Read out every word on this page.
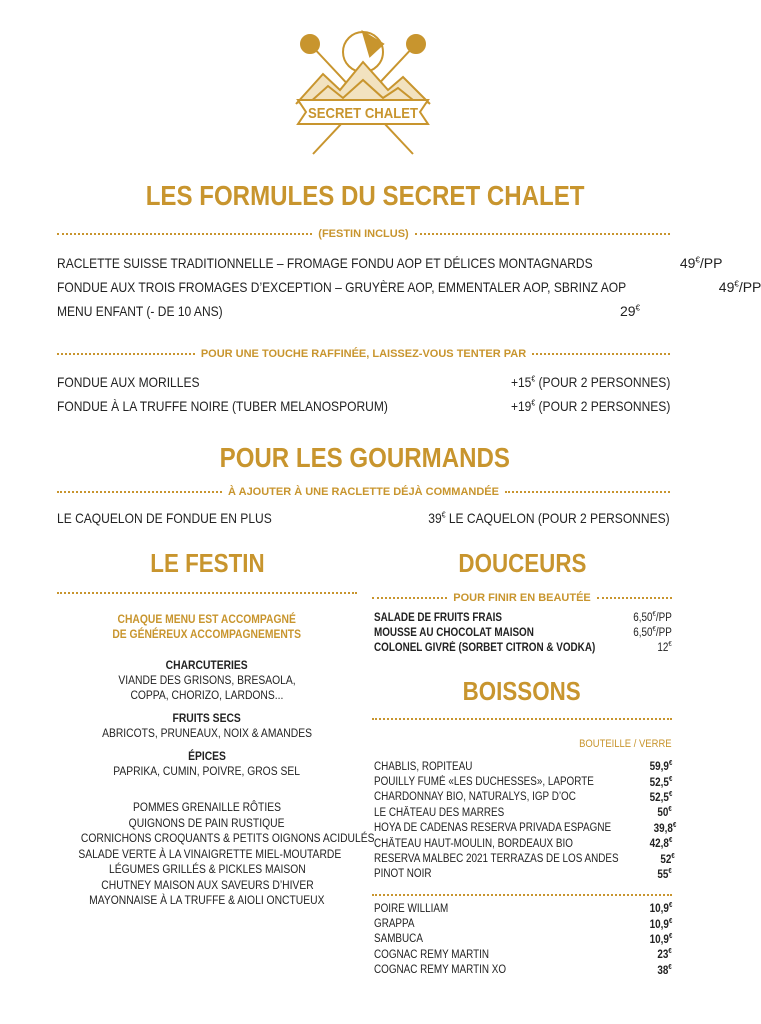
SECRET CHALET
LES FORMULES DU SECRET CHALET
(FESTIN INCLUS)
RACLETTE SUISSE TRADITIONNELLE – FROMAGE FONDU AOP ET DÉLICES MONTAGNARDS	49€/PP
FONDUE AUX TROIS FROMAGES D’EXCEPTION – GRUYÈRE AOP, EMMENTALER AOP, SBRINZ AOP	49€/PP
MENU ENFANT (- DE 10 ANS)	29€
POUR UNE TOUCHE RAFFINÉE, LAISSEZ-VOUS TENTER PAR
FONDUE AUX MORILLES	+15€ (POUR 2 PERSONNES)
FONDUE À LA TRUFFE NOIRE (TUBER MELANOSPORUM)	+19€ (POUR 2 PERSONNES)
POUR LES GOURMANDS
À AJOUTER À UNE RACLETTE DÉJÀ COMMANDÉE
LE CAQUELON DE FONDUE EN PLUS	39€ LE CAQUELON (POUR 2 PERSONNES)
LE FESTIN
CHAQUE MENU EST ACCOMPAGNÉ
DE GÉNÉREUX ACCOMPAGNEMENTS
CHARCUTERIES
VIANDE DES GRISONS, BRESAOLA,
COPPA, CHORIZO, LARDONS...
FRUITS SECS
ABRICOTS, PRUNEAUX, NOIX & AMANDES
ÉPICES
PAPRIKA, CUMIN, POIVRE, GROS SEL
POMMES GRENAILLE RÔTIES
QUIGNONS DE PAIN RUSTIQUE
CORNICHONS CROQUANTS & PETITS OIGNONS ACIDULÉS
SALADE VERTE À LA VINAIGRETTE MIEL-MOUTARDE
LÉGUMES GRILLÉS & PICKLES MAISON
CHUTNEY MAISON AUX SAVEURS D’HIVER
MAYONNAISE À LA TRUFFE & AIOLI ONCTUEUX
DOUCEURS
POUR FINIR EN BEAUTÉE
SALADE DE FRUITS FRAIS	6,50€/PP
MOUSSE AU CHOCOLAT MAISON	6,50€/PP
COLONEL GIVRÉ (SORBET CITRON & VODKA)	12€
BOISSONS
BOUTEILLE / VERRE
CHABLIS, ROPITEAU	59,9€
POUILLY FUMÉ «LES DUCHESSES», LAPORTE	52,5€
CHARDONNAY BIO, NATURALYS, IGP D’OC	52,5€
LE CHÂTEAU DES MARRES	50€
HOYA DE CADENAS RESERVA PRIVADA ESPAGNE	39,8€
CHÂTEAU HAUT-MOULIN, BORDEAUX BIO	42,8€
RESERVA MALBEC 2021 TERRAZAS DE LOS ANDES	52€
PINOT NOIR	55€
POIRE WILLIAM	10,9€
GRAPPA	10,9€
SAMBUCA	10,9€
COGNAC REMY MARTIN	23€
COGNAC REMY MARTIN XO	38€
